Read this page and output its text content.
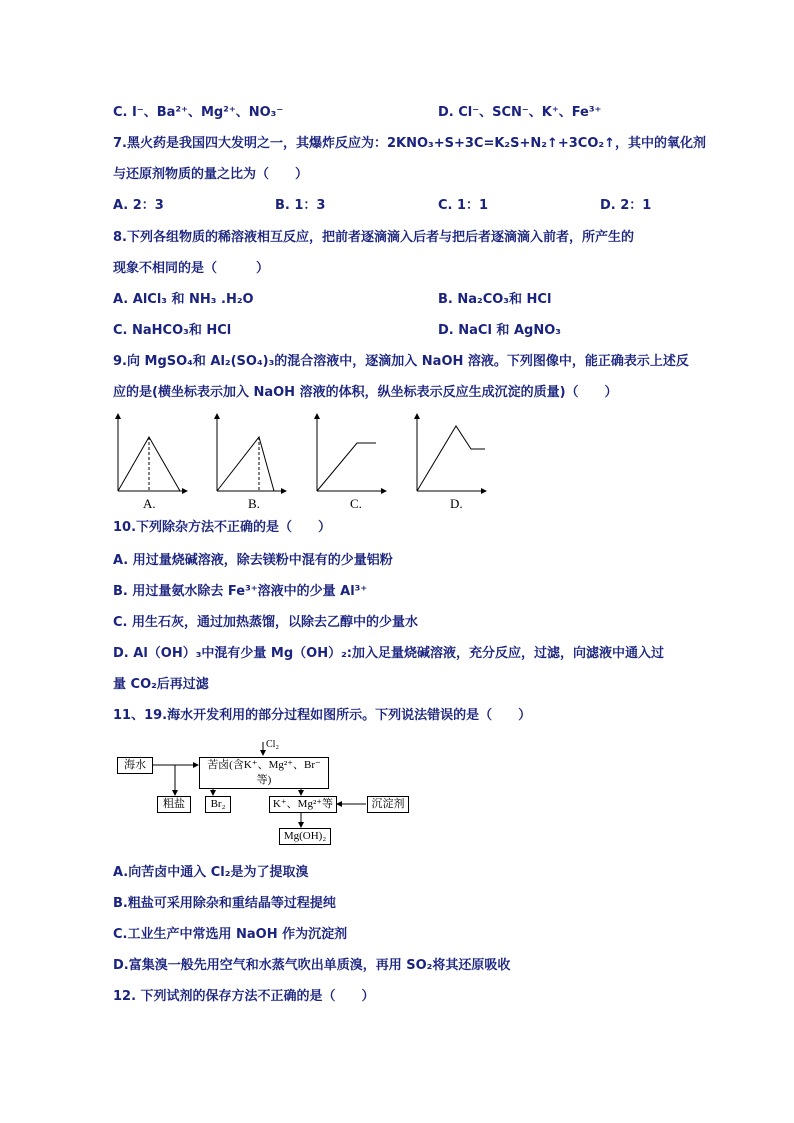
C. I⁻、Ba²⁺、Mg²⁺、NO₃⁻	D. Cl⁻、SCN⁻、K⁺、Fe³⁺
7.黑火药是我国四大发明之一，其爆炸反应为：2KNO₃+S+3C=K₂S+N₂↑+3CO₂↑，其中的氧化剂
与还原剂物质的量之比为（　　）
A. 2：3	B. 1：3	C. 1：1	D. 2：1
8.下列各组物质的稀溶液相互反应，把前者逐滴滴入后者与把后者逐滴滴入前者，所产生的
现象不相同的是（　　　）
A. AlCl₃ 和 NH₃ .H₂O	B. Na₂CO₃和 HCl
C. NaHCO₃和 HCl	D. NaCl 和 AgNO₃
9.向 MgSO₄和 Al₂(SO₄)₃的混合溶液中，逐滴加入 NaOH 溶液。下列图像中，能正确表示上述反
应的是(横坐标表示加入 NaOH 溶液的体积，纵坐标表示反应生成沉淀的质量)（　　）
A.	B.	C.	D.
10.下列除杂方法不正确的是（　　）
A. 用过量烧碱溶液，除去镁粉中混有的少量铝粉
B. 用过量氨水除去 Fe³⁺溶液中的少量 Al³⁺
C. 用生石灰，通过加热蒸馏，以除去乙醇中的少量水
D. Al（OH）₃中混有少量 Mg（OH）₂:加入足量烧碱溶液，充分反应，过滤，向滤液中通入过
量 CO₂后再过滤
11、19.海水开发利用的部分过程如图所示。下列说法错误的是（　　）
Cl₂
海水	苦卤(含K⁺、Mg²⁺、Br⁻等)
粗盐	Br₂	K⁺、Mg²⁺等	沉淀剂
Mg(OH)₂
A.向苦卤中通入 Cl₂是为了提取溴
B.粗盐可采用除杂和重结晶等过程提纯
C.工业生产中常选用 NaOH 作为沉淀剂
D.富集溴一般先用空气和水蒸气吹出单质溴，再用 SO₂将其还原吸收
12. 下列试剂的保存方法不正确的是（　　）
